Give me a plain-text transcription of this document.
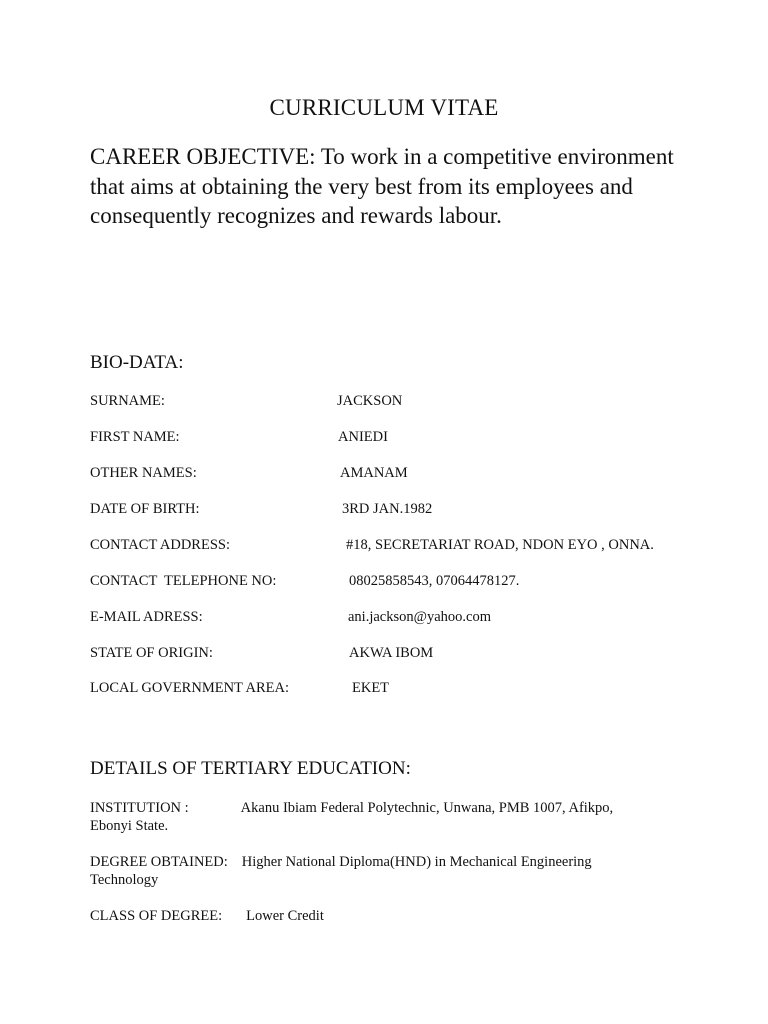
CURRICULUM VITAE
CAREER OBJECTIVE: To work in a competitive environment that aims at obtaining the very best from its employees and consequently recognizes and rewards labour.
BIO-DATA:
SURNAME:	JACKSON
FIRST NAME:	ANIEDI
OTHER NAMES:	AMANAM
DATE OF BIRTH:	3RD JAN.1982
CONTACT ADDRESS:	#18, SECRETARIAT ROAD, NDON EYO , ONNA.
CONTACT  TELEPHONE NO:	08025858543, 07064478127.
E-MAIL ADRESS:	ani.jackson@yahoo.com
STATE OF ORIGIN:	AKWA IBOM
LOCAL GOVERNMENT AREA:	EKET
DETAILS OF TERTIARY EDUCATION:
INSTITUTION :	Akanu Ibiam Federal Polytechnic, Unwana, PMB 1007, Afikpo, Ebonyi State.
DEGREE OBTAINED: Higher National Diploma(HND) in Mechanical Engineering Technology
CLASS OF DEGREE: Lower Credit
